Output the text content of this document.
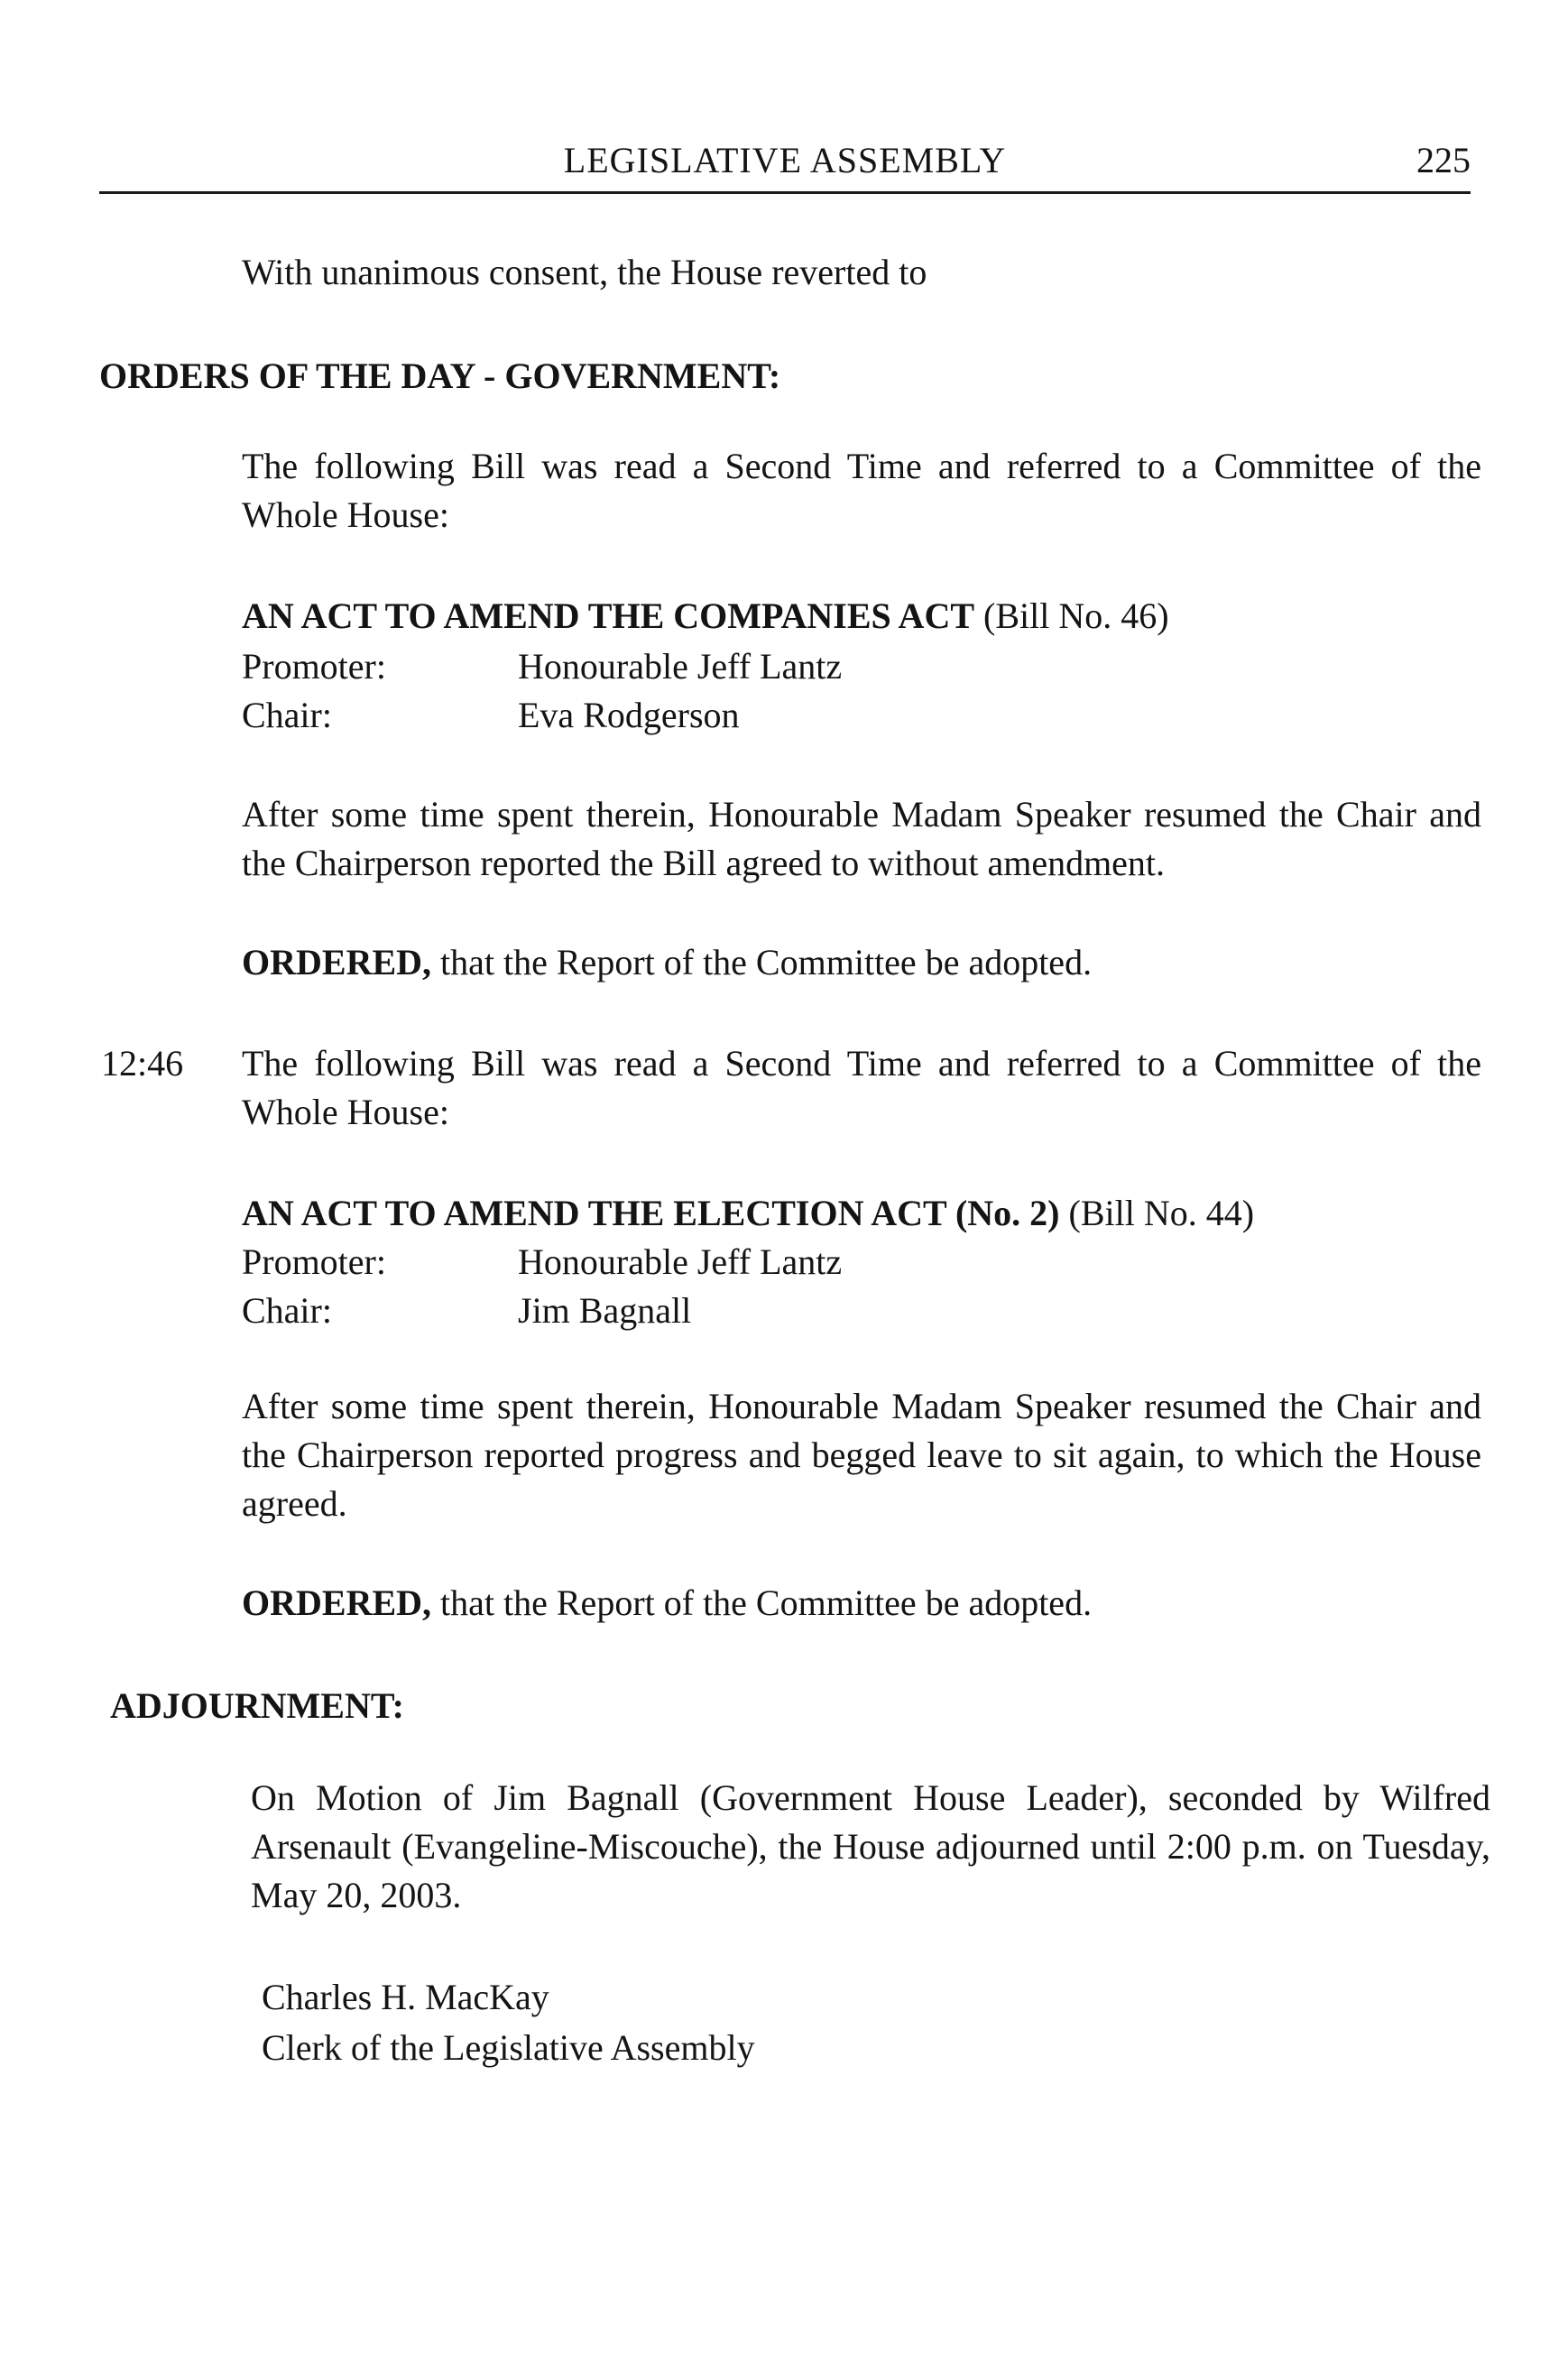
LEGISLATIVE ASSEMBLY	225

With unanimous consent, the House reverted to

ORDERS OF THE DAY - GOVERNMENT:

The following Bill was read a Second Time and referred to a Committee of the Whole House:

AN ACT TO AMEND THE COMPANIES ACT (Bill No. 46)

Promoter:	Honourable Jeff Lantz
Chair:	Eva Rodgerson

After some time spent therein, Honourable Madam Speaker resumed the Chair and the Chairperson reported the Bill agreed to without amendment.

ORDERED, that the Report of the Committee be adopted.

12:46 The following Bill was read a Second Time and referred to a Committee of the Whole House:

AN ACT TO AMEND THE ELECTION ACT (No. 2) (Bill No. 44)

Promoter:	Honourable Jeff Lantz
Chair:	Jim Bagnall

After some time spent therein, Honourable Madam Speaker resumed the Chair and the Chairperson reported progress and begged leave to sit again, to which the House agreed.

ORDERED, that the Report of the Committee be adopted.

ADJOURNMENT:

On Motion of Jim Bagnall (Government House Leader), seconded by Wilfred Arsenault (Evangeline-Miscouche), the House adjourned until 2:00 p.m. on Tuesday, May 20, 2003.

Charles H. MacKay
Clerk of the Legislative Assembly
